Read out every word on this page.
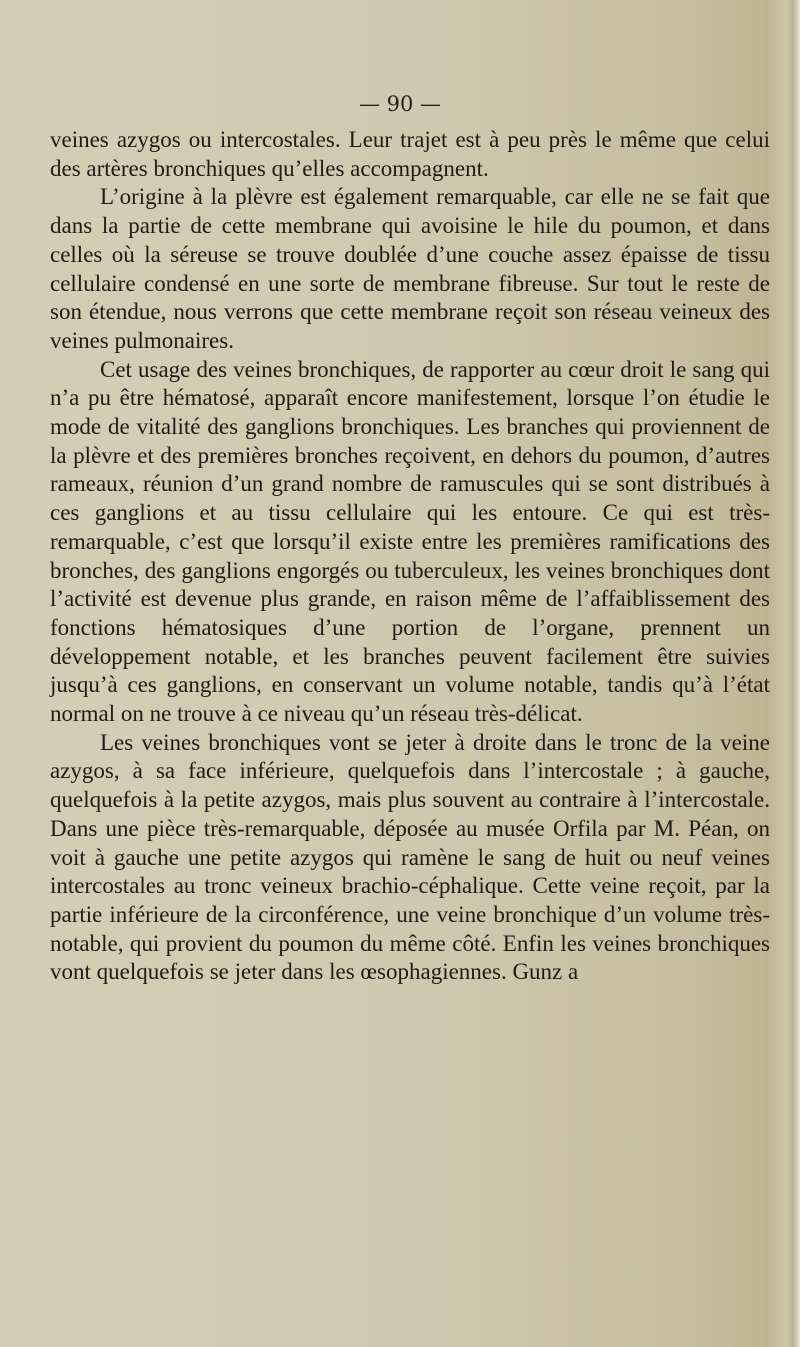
— 90 —

veines azygos ou intercostales. Leur trajet est à peu près le même que celui des artères bronchiques qu’elles accompagnent.

L’origine à la plèvre est également remarquable, car elle ne se fait que dans la partie de cette membrane qui avoisine le hile du poumon, et dans celles où la séreuse se trouve doublée d’une couche assez épaisse de tissu cellulaire condensé en une sorte de membrane fibreuse. Sur tout le reste de son étendue, nous verrons que cette membrane reçoit son réseau veineux des veines pulmonaires.

Cet usage des veines bronchiques, de rapporter au cœur droit le sang qui n’a pu être hématosé, apparaît encore manifestement, lorsque l’on étudie le mode de vitalité des ganglions bronchiques. Les branches qui proviennent de la plèvre et des premières bronches reçoivent, en dehors du poumon, d’autres rameaux, réunion d’un grand nombre de ramuscules qui se sont distribués à ces ganglions et au tissu cellulaire qui les entoure. Ce qui est très-remarquable, c’est que lorsqu’il existe entre les premières ramifications des bronches, des ganglions engorgés ou tuberculeux, les veines bronchiques dont l’activité est devenue plus grande, en raison même de l’affaiblissement des fonctions hématosiques d’une portion de l’organe, prennent un développement notable, et les branches peuvent facilement être suivies jusqu’à ces ganglions, en conservant un volume notable, tandis qu’à l’état normal on ne trouve à ce niveau qu’un réseau très-délicat.

Les veines bronchiques vont se jeter à droite dans le tronc de la veine azygos, à sa face inférieure, quelquefois dans l’intercostale ; à gauche, quelquefois à la petite azygos, mais plus souvent au contraire à l’intercostale. Dans une pièce très-remarquable, déposée au musée Orfila par M. Péan, on voit à gauche une petite azygos qui ramène le sang de huit ou neuf veines intercostales au tronc veineux brachio-céphalique. Cette veine reçoit, par la partie inférieure de la circonférence, une veine bronchique d’un volume très-notable, qui provient du poumon du même côté. Enfin les veines bronchiques vont quelquefois se jeter dans les œsophagiennes. Gunz a
